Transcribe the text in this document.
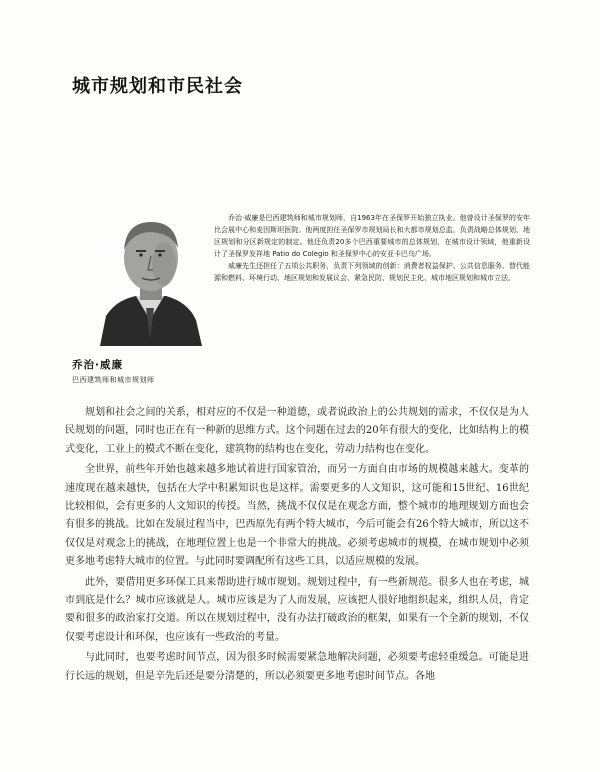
城市规划和市民社会

乔治·威廉是巴西建筑师和城市规划师，自1963年在圣保罗开始独立执业。他曾设计圣保罗的安年比会展中心和麦因斯坦医院。他两度担任圣保罗市规划局长和大都市规划总监，负责战略总体规划、地区规划和分区新规定的制定。他还负责20多个巴西重要城市的总体规划，在城市设计领域，他重新设计了圣保罗发祥地 Patio do Colegio 和圣保罗中心的安亚卡巴乌广场。

威廉先生还担任了五项公共职务，负责下列领域的创新：消费者权益保护、公共信息服务、替代能源和燃料、环境行动、地区规划和发展议会、紧急民防、规划民主化、城市地区规划和城市立法。

乔治·威廉
巴西建筑师和城市规划师

规划和社会之间的关系，相对应的不仅是一种道德，或者说政治上的公共规划的需求，不仅仅是为人民规划的问题，同时也正在有一种新的思维方式。这个问题在过去的20年有很大的变化，比如结构上的模式变化，工业上的模式不断在变化，建筑物的结构也在变化，劳动力结构也在变化。

全世界，前些年开始也越来越多地试着进行国家管治，而另一方面自由市场的规模越来越大。变革的速度现在越来越快，包括在大学中积累知识也是这样。需要更多的人文知识，这可能和15世纪、16世纪比较相似，会有更多的人文知识的传授。当然，挑战不仅仅是在观念方面，整个城市的地理规划方面也会有很多的挑战。比如在发展过程当中，巴西原先有两个特大城市，今后可能会有26个特大城市，所以这不仅仅是对观念上的挑战，在地理位置上也是一个非常大的挑战。必须考虑城市的规模，在城市规划中必须更多地考虑特大城市的位置。与此同时要调配所有这些工具，以适应规模的发展。

此外，要借用更多环保工具来帮助进行城市规划。规划过程中，有一些新规范。很多人也在考虑，城市到底是什么？城市应该就是人。城市应该是为了人而发展，应该把人很好地组织起来，组织人员，肯定要和很多的政治家打交道。所以在规划过程中，没有办法打破政治的框架，如果有一个全新的规划，不仅仅要考虑设计和环保，也应该有一些政治的考量。

与此同时，也要考虑时间节点，因为很多时候需要紧急地解决问题，必须要考虑轻重缓急。可能是进行长远的规划，但是辛先后还是要分清楚的，所以必须要更多地考虑时间节点。各地
